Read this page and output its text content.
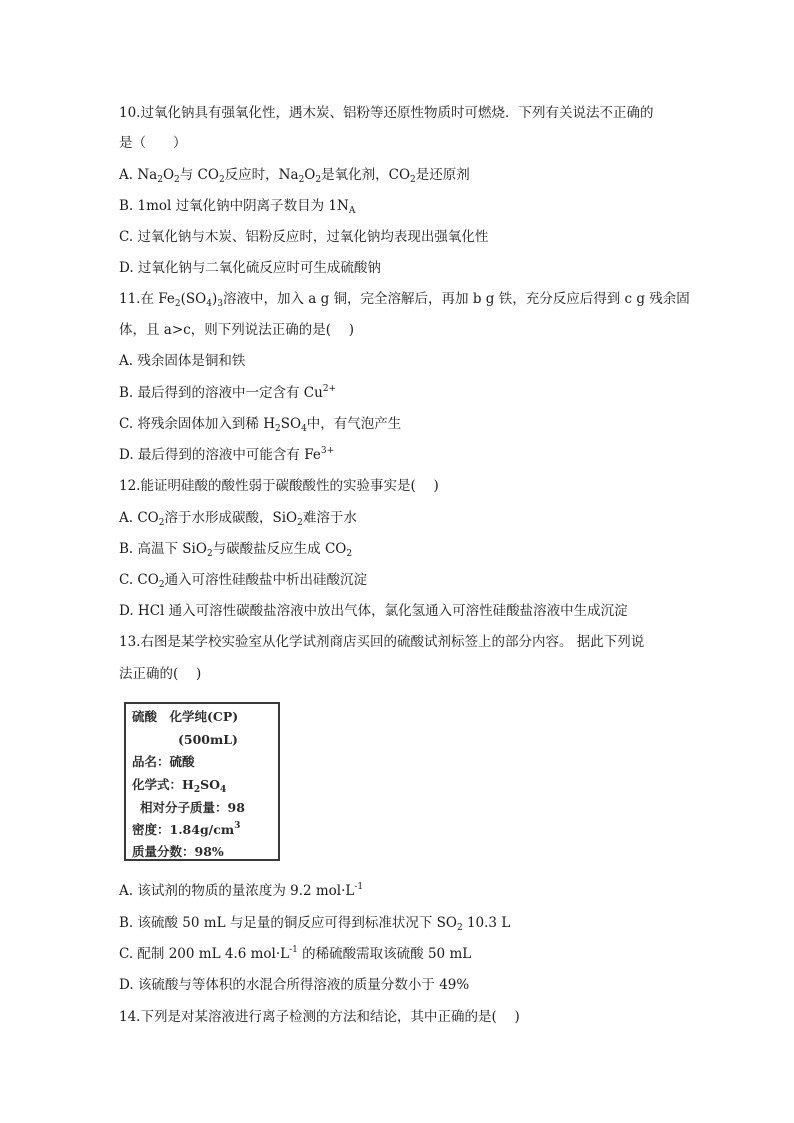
10.过氧化钠具有强氧化性，遇木炭、铝粉等还原性物质时可燃烧．下列有关说法不正确的
是（　　）
A. $Na_2O_2$与 $CO_2$反应时，$Na_2O_2$是氧化剂，$CO_2$是还原剂
B. 1mol 过氧化钠中阴离子数目为 $1N_A$
C. 过氧化钠与木炭、铝粉反应时，过氧化钠均表现出强氧化性
D. 过氧化钠与二氧化硫反应时可生成硫酸钠
11.在 $Fe_2(SO_4)_3$溶液中，加入 a g 铜，完全溶解后，再加 b g 铁，充分反应后得到 c g 残余固
体，且 a>c，则下列说法正确的是(　 )
A. 残余固体是铜和铁
B. 最后得到的溶液中一定含有 $Cu^{2+}$
C. 将残余固体加入到稀 $H_2SO_4$中，有气泡产生
D. 最后得到的溶液中可能含有 $Fe^{3+}$
12.能证明硅酸的酸性弱于碳酸酸性的实验事实是(　 )
A. $CO_2$溶于水形成碳酸，SiO$_2$难溶于水
B. 高温下 SiO$_2$与碳酸盐反应生成 $CO_2$
C. $CO_2$通入可溶性硅酸盐中析出硅酸沉淀
D. HCl 通入可溶性碳酸盐溶液中放出气体，氯化氢通入可溶性硅酸盐溶液中生成沉淀
13.右图是某学校实验室从化学试剂商店买回的硫酸试剂标签上的部分内容。 据此下列说
法正确的(　 )
硫酸　化学纯(CP)
(500mL)
品名：硫酸
化学式：$H_2SO_4$
相对分子质量：98
密度：$1.84g/cm^3$
质量分数：98%
A. 该试剂的物质的量浓度为 9.2 $mol\cdot L^{-1}$
B. 该硫酸 50 mL 与足量的铜反应可得到标准状况下 $SO_2$ 10.3 L
C. 配制 200 mL 4.6 $mol\cdot L^{-1}$ 的稀硫酸需取该硫酸 50 mL
D. 该硫酸与等体积的水混合所得溶液的质量分数小于 49%
14.下列是对某溶液进行离子检测的方法和结论，其中正确的是(　 )
